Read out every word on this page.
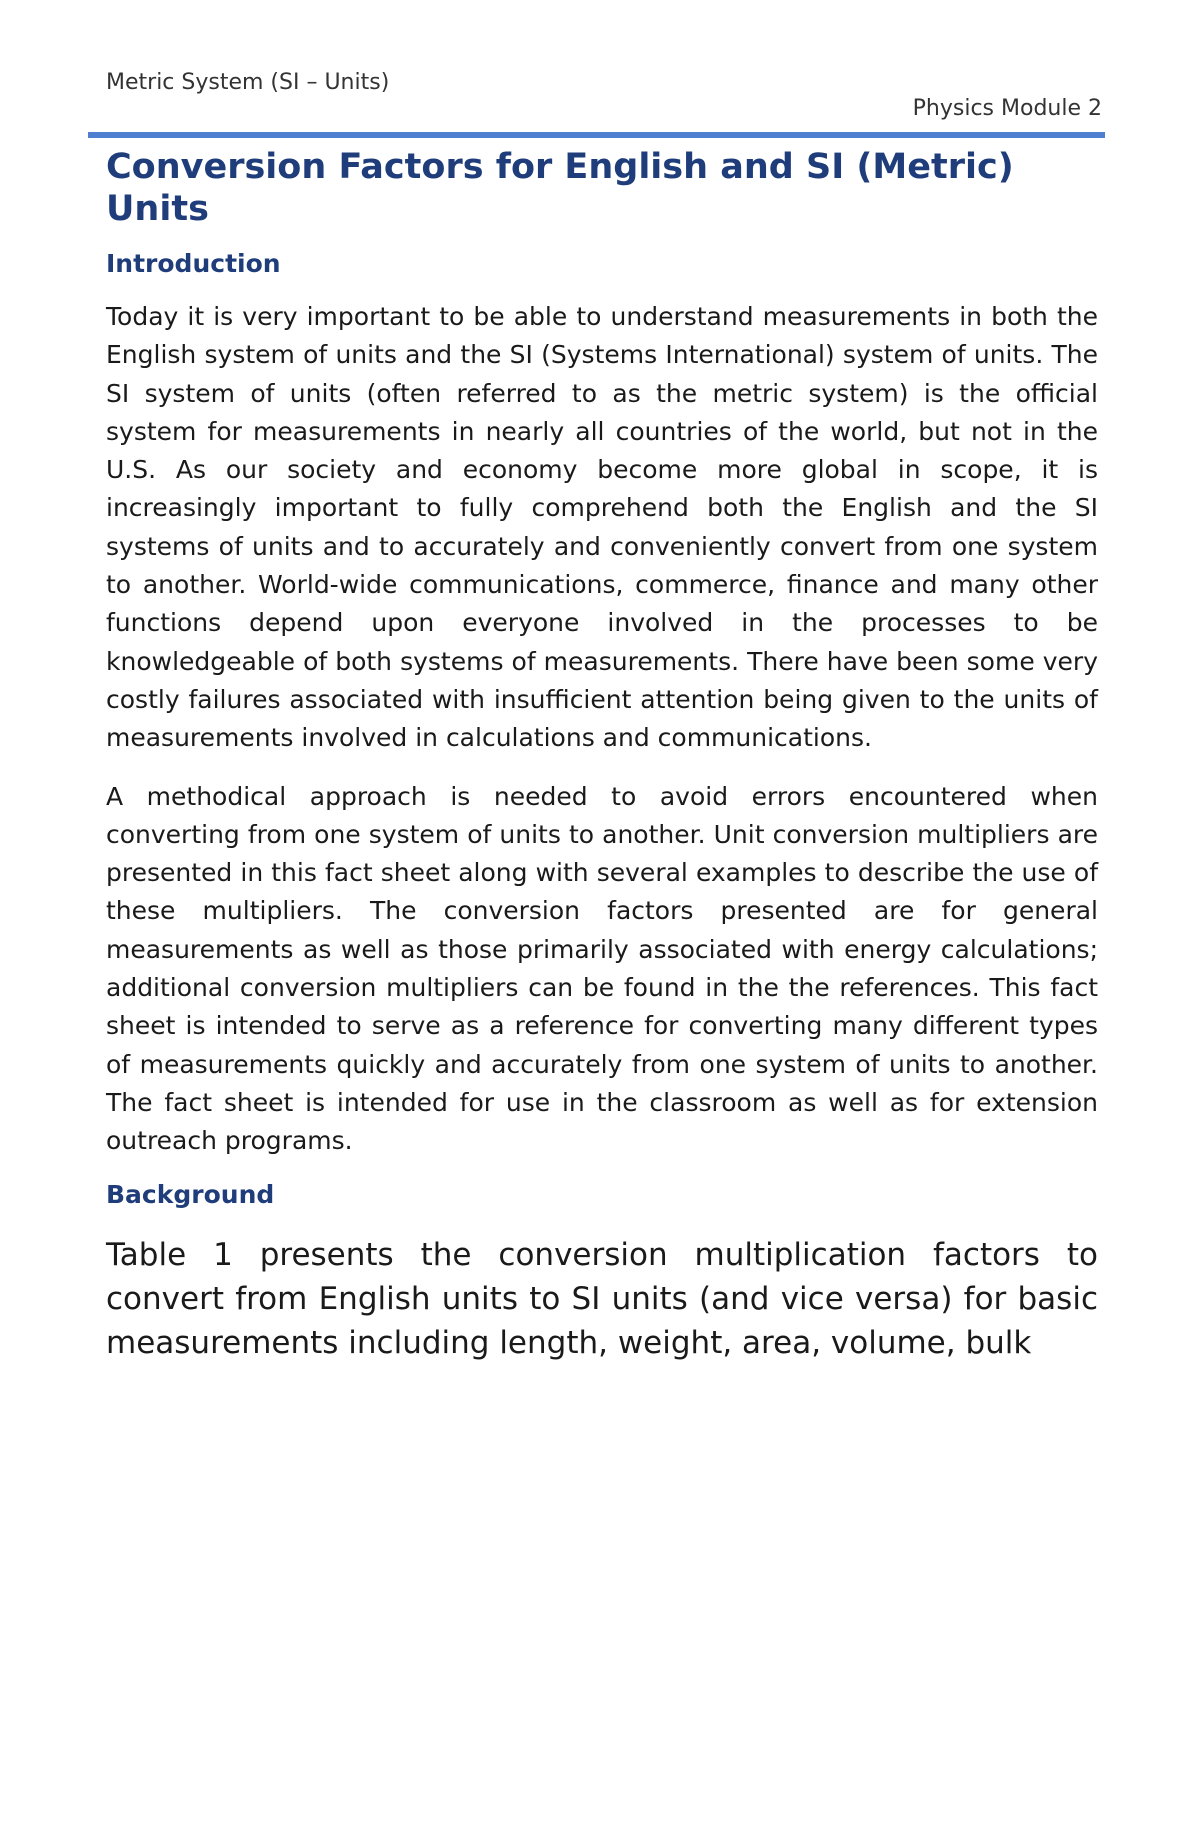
Metric System (SI – Units)
Physics Module 2
Conversion Factors for English and SI (Metric) Units
Introduction

Today it is very important to be able to understand measurements in both the English system of units and the SI (Systems International) system of units. The SI system of units (often referred to as the metric system) is the official system for measurements in nearly all countries of the world, but not in the U.S. As our society and economy become more global in scope, it is increasingly important to fully comprehend both the English and the SI systems of units and to accurately and conveniently convert from one system to another. World-wide communications, commerce, finance and many other functions depend upon everyone involved in the processes to be knowledgeable of both systems of measurements. There have been some very costly failures associated with insufficient attention being given to the units of measurements involved in calculations and communications.

A methodical approach is needed to avoid errors encountered when converting from one system of units to another. Unit conversion multipliers are presented in this fact sheet along with several examples to describe the use of these multipliers. The conversion factors presented are for general measurements as well as those primarily associated with energy calculations; additional conversion multipliers can be found in the the references. This fact sheet is intended to serve as a reference for converting many different types of measurements quickly and accurately from one system of units to another. The fact sheet is intended for use in the classroom as well as for extension outreach programs.

Background

Table 1 presents the conversion multiplication factors to convert from English units to SI units (and vice versa) for basic measurements including length, weight, area, volume, bulk
